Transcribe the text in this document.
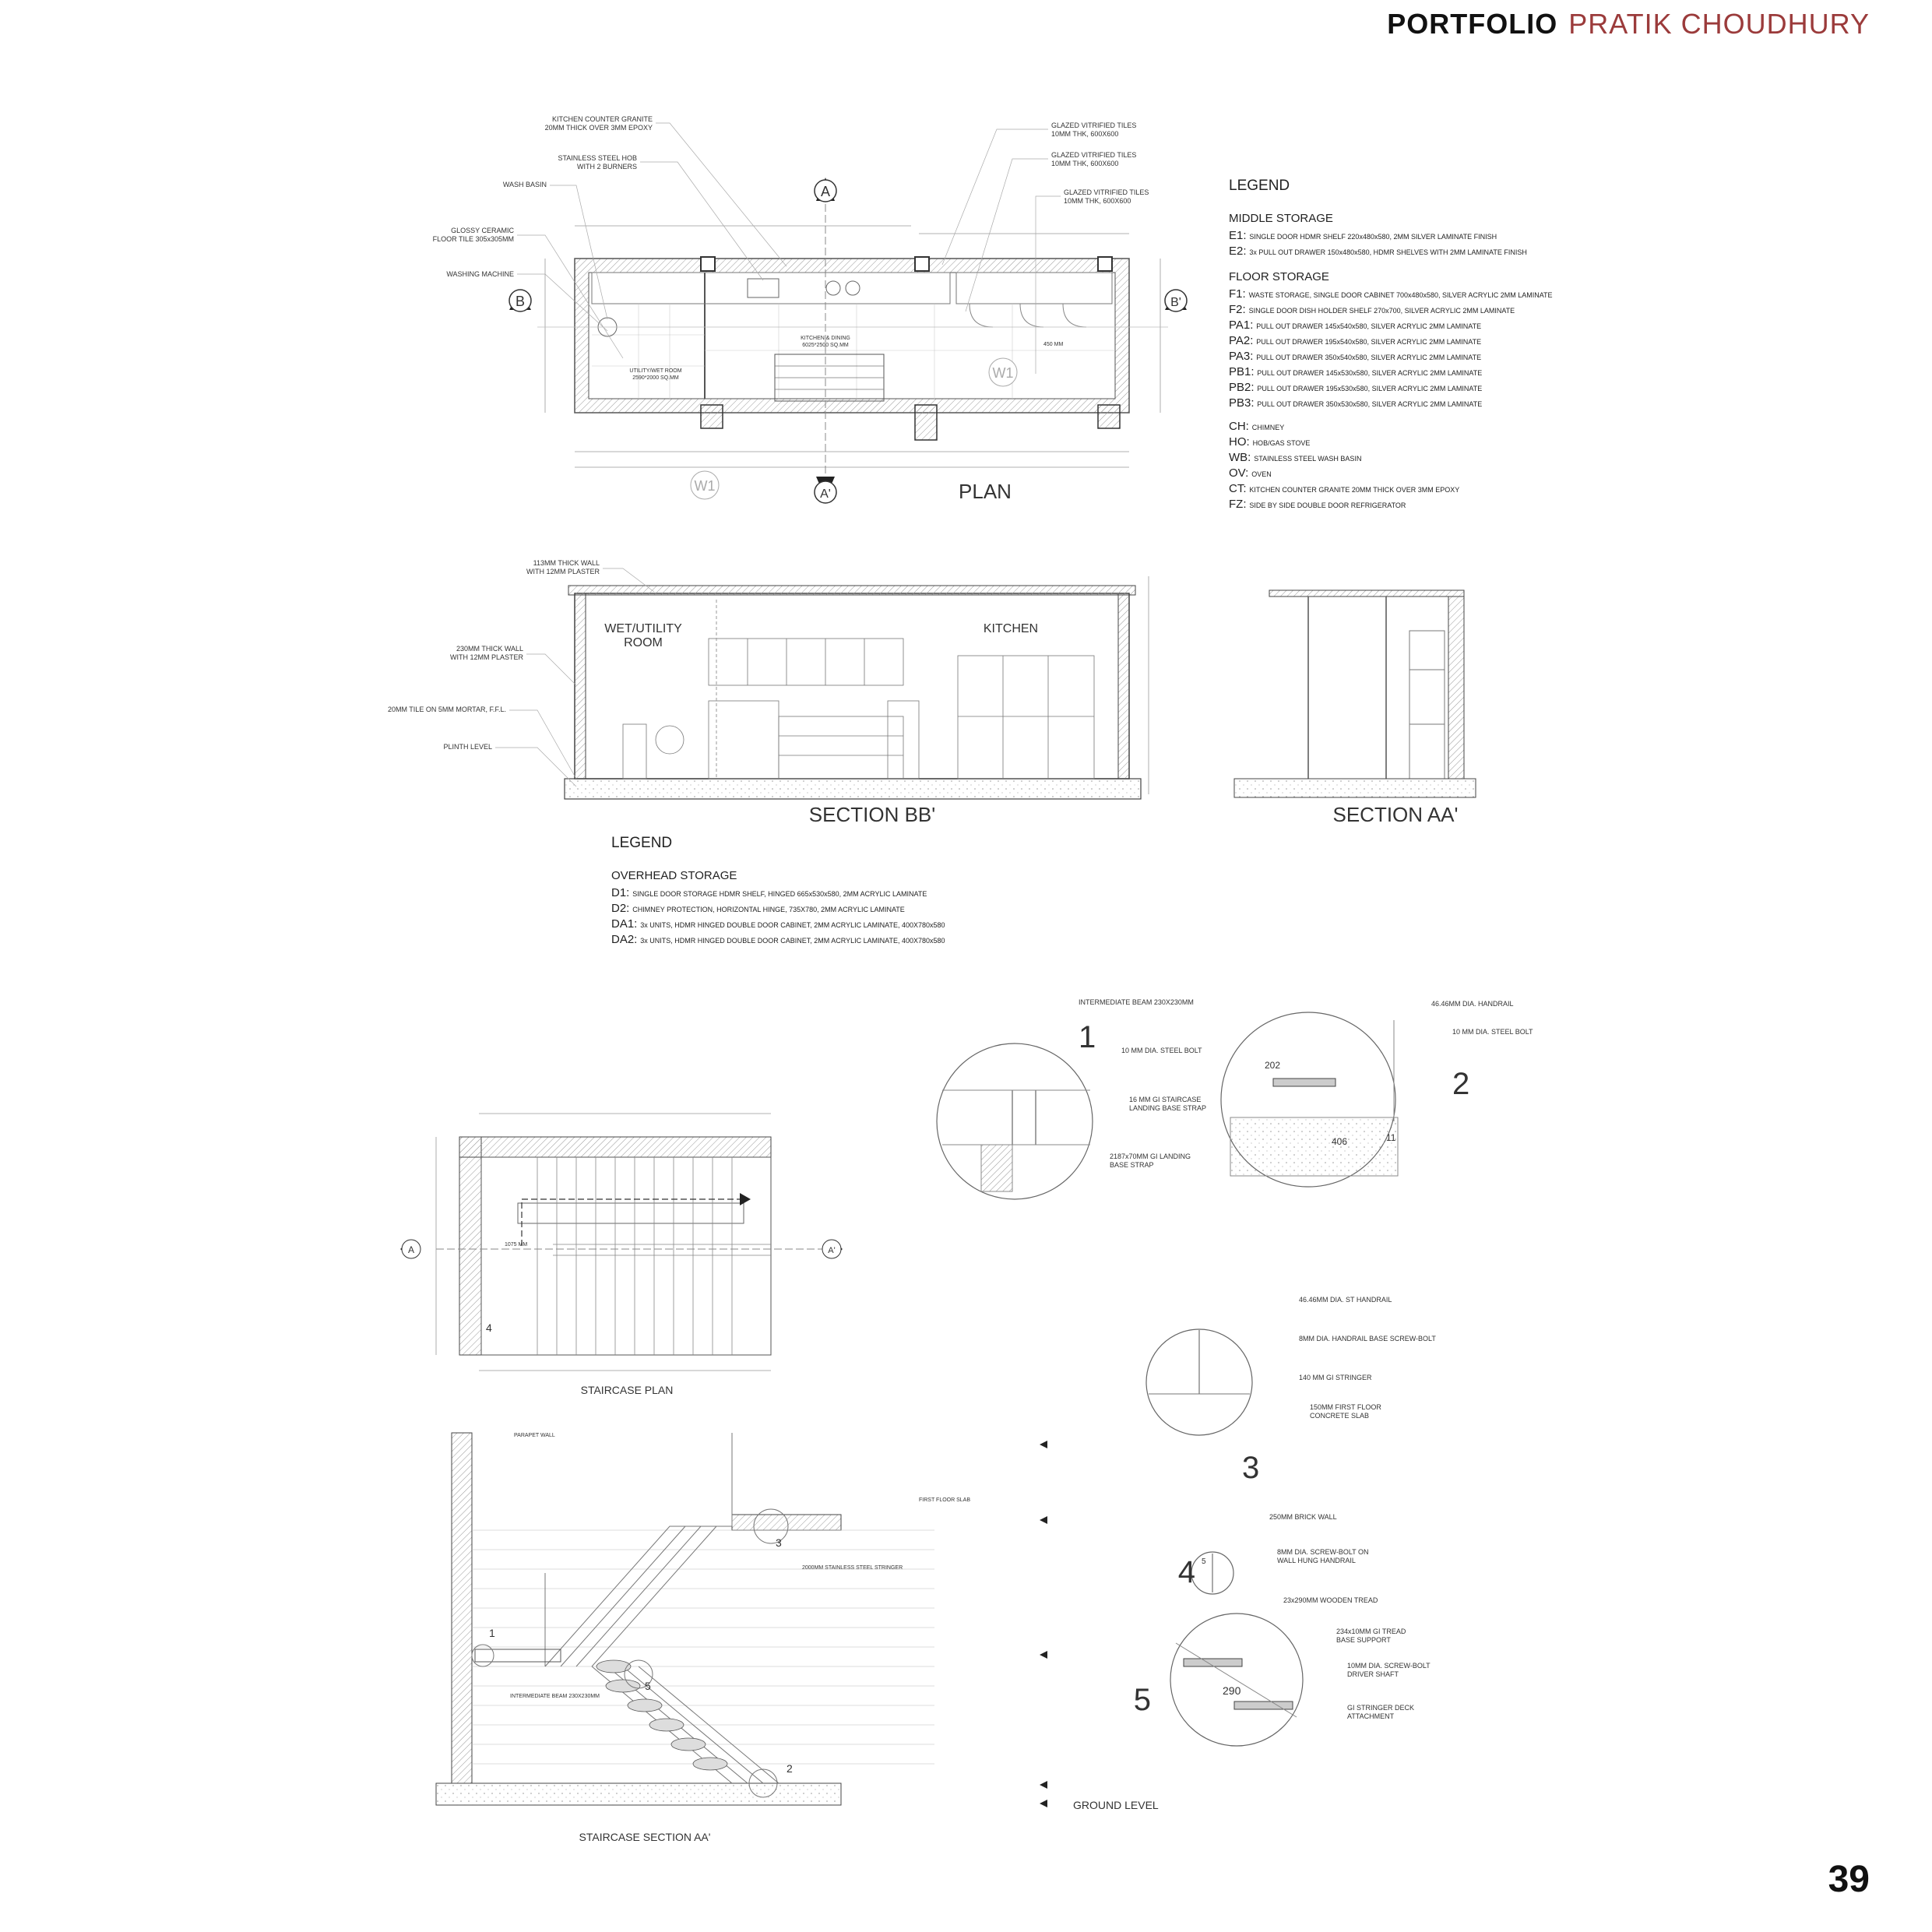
PORTFOLIO PRATIK CHOUDHURY
39
A
A'
B	B'
W1
W1
UTILITY/WET ROOM
2590*2000 SQ.MM
KITCHEN & DINING
6025*2500 SQ.MM	450 MM
KITCHEN COUNTER GRANITE
20MM THICK OVER 3MM EPOXY
STAINLESS STEEL HOB
WITH 2 BURNERS
WASH BASIN
GLOSSY CERAMIC
FLOOR TILE 305x305MM
WASHING MACHINE
GLAZED VITRIFIED TILES
10MM THK, 600X600
GLAZED VITRIFIED TILES
10MM THK, 600X600
GLAZED VITRIFIED TILES
10MM THK, 600X600
PLAN
WET/UTILITY
ROOM
KITCHEN
113MM THICK WALL
WITH 12MM PLASTER
230MM THICK WALL
WITH 12MM PLASTER
20MM TILE ON 5MM MORTAR, F.F.L.
PLINTH LEVEL
SECTION BB'	SECTION AA'
A	A'
4
1075 MM
STAIRCASE PLAN
1
2
3
5
FIRST FLOOR SLAB
2000MM STAINLESS STEEL STRINGER
INTERMEDIATE BEAM 230X230MM
PARAPET WALL
GROUND LEVEL
STAIRCASE SECTION AA'
1
INTERMEDIATE BEAM 230X230MM
10 MM DIA. STEEL BOLT
16 MM GI STAIRCASE
LANDING BASE STRAP
2187x70MM GI LANDING
BASE STRAP
2
46.46MM DIA. HANDRAIL
10 MM DIA. STEEL BOLT
202
406	11
3
46.46MM DIA. ST HANDRAIL
8MM DIA. HANDRAIL BASE SCREW-BOLT
140 MM GI STRINGER
150MM FIRST FLOOR
CONCRETE SLAB
4 5
250MM BRICK WALL
8MM DIA. SCREW-BOLT ON
WALL HUNG HANDRAIL
290
5
23x290MM WOODEN TREAD
234x10MM GI TREAD
BASE SUPPORT
10MM DIA. SCREW-BOLT
DRIVER SHAFT
GI STRINGER DECK
ATTACHMENT
LEGEND
MIDDLE STORAGE
E1: SINGLE DOOR HDMR SHELF 220x480x580, 2MM SILVER LAMINATE FINISH
E2: 3x PULL OUT DRAWER 150x480x580, HDMR SHELVES WITH 2MM LAMINATE FINISH
FLOOR STORAGE
F1: WASTE STORAGE, SINGLE DOOR CABINET 700x480x580, SILVER ACRYLIC 2MM LAMINATE
F2: SINGLE DOOR DISH HOLDER SHELF 270x700, SILVER ACRYLIC 2MM LAMINATE
PA1: PULL OUT DRAWER 145x540x580, SILVER ACRYLIC 2MM LAMINATE
PA2: PULL OUT DRAWER 195x540x580, SILVER ACRYLIC 2MM LAMINATE
PA3: PULL OUT DRAWER 350x540x580, SILVER ACRYLIC 2MM LAMINATE
PB1: PULL OUT DRAWER 145x530x580, SILVER ACRYLIC 2MM LAMINATE
PB2: PULL OUT DRAWER 195x530x580, SILVER ACRYLIC 2MM LAMINATE
PB3: PULL OUT DRAWER 350x530x580, SILVER ACRYLIC 2MM LAMINATE
CH: CHIMNEY
HO: HOB/GAS STOVE
WB: STAINLESS STEEL WASH BASIN
OV: OVEN
CT: KITCHEN COUNTER GRANITE 20MM THICK OVER 3MM EPOXY
FZ: SIDE BY SIDE DOUBLE DOOR REFRIGERATOR
LEGEND
OVERHEAD STORAGE
D1: SINGLE DOOR STORAGE HDMR SHELF, HINGED 665x530x580, 2MM ACRYLIC LAMINATE
D2: CHIMNEY PROTECTION, HORIZONTAL HINGE, 735X780, 2MM ACRYLIC LAMINATE
DA1: 3x UNITS, HDMR HINGED DOUBLE DOOR CABINET, 2MM ACRYLIC LAMINATE, 400X780x580
DA2: 3x UNITS, HDMR HINGED DOUBLE DOOR CABINET, 2MM ACRYLIC LAMINATE, 400X780x580
